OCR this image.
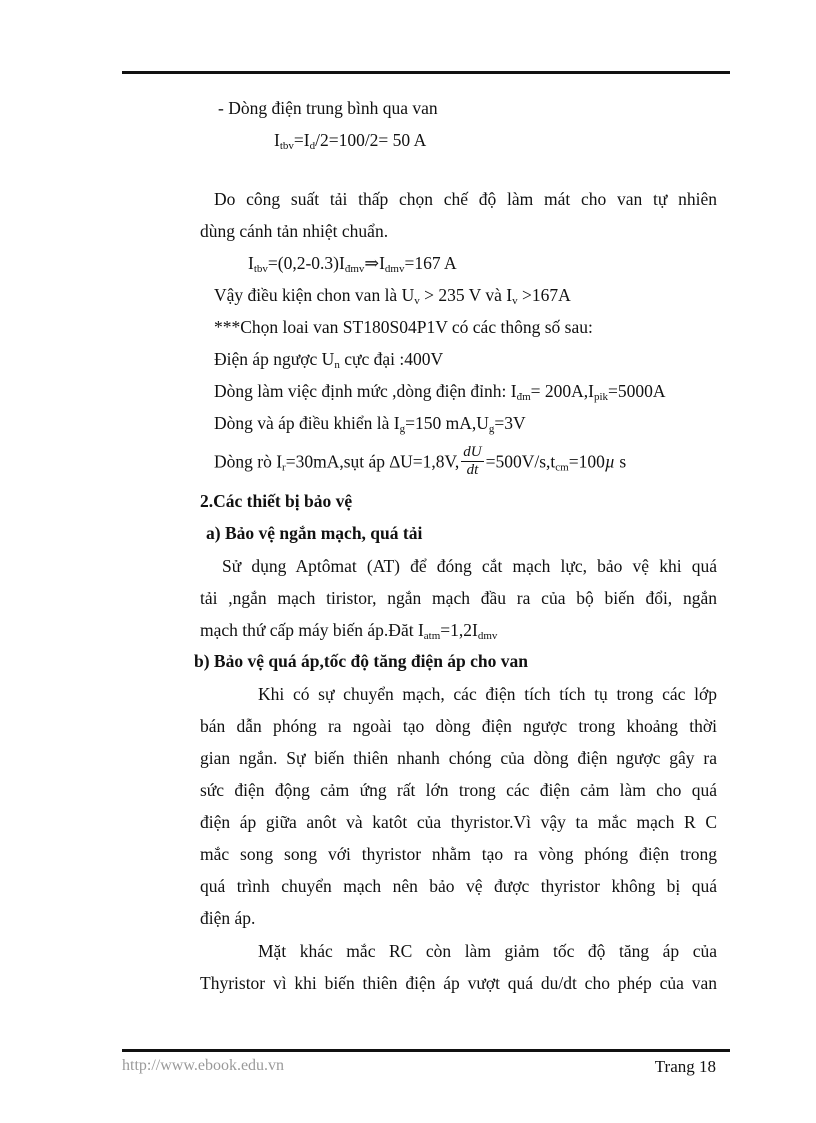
- Dòng điện trung bình qua van
$I_{tbv}=I_d/2=100/2= 50$ A
Do công suất tải thấp chọn chế độ làm mát cho van tự nhiên
dùng cánh tản nhiệt chuẩn.
$I_{tbv}=(0,2-0.3)I_{đmv}\Rightarrow I_{dmv}=167$ A
Vậy điều kiện chon van là $U_v > 235$ V và $I_v >167A$
***Chọn loai van ST180S04P1V có các thông số sau:
Điện áp ngược $U_n$ cực đại :400V
Dòng làm việc định mức ,dòng điện đỉnh: $I_{đm}= 200A,I_{pik}=5000A$
Dòng và áp điều khiển là $I_g=150$ $mA,U_g=3V$
Dòng rò $I_r=30mA,sụt$ áp ∆U=1,8V, $\frac{dU}{dt} =500V/s,t_{cm}=100\mu$ s
2.Các thiết bị bảo vệ
a) Bảo vệ ngắn mạch, quá tải
Sử dụng Aptômat (AT) để đóng cắt mạch lực, bảo vệ khi quá
tải ,ngắn mạch tiristor, ngắn mạch đầu ra của bộ biến đổi, ngắn
mạch thứ cấp máy biến áp.Đăt $I_{atm}=1,2I_{dmv}$
b) Bảo vệ quá áp,tốc độ tăng điện áp cho van
Khi có sự chuyển mạch, các điện tích tích tụ trong các lớp
bán dẫn phóng ra ngoài tạo dòng điện ngược trong khoảng thời
gian ngắn. Sự biến thiên nhanh chóng của dòng điện ngược gây ra
sức điện động cảm ứng rất lớn trong các điện cảm làm cho quá
điện áp giữa anôt và katôt của thyristor.Vì vậy ta mắc mạch R C
mắc song song với thyristor nhằm tạo ra vòng phóng điện trong
quá trình chuyển mạch nên bảo vệ được thyristor không bị quá
điện áp.
Mặt khác mắc RC còn làm giảm tốc độ tăng áp của
Thyristor vì khi biến thiên điện áp vượt quá du/dt cho phép của van
http://www.ebook.edu.vn	Trang 18
